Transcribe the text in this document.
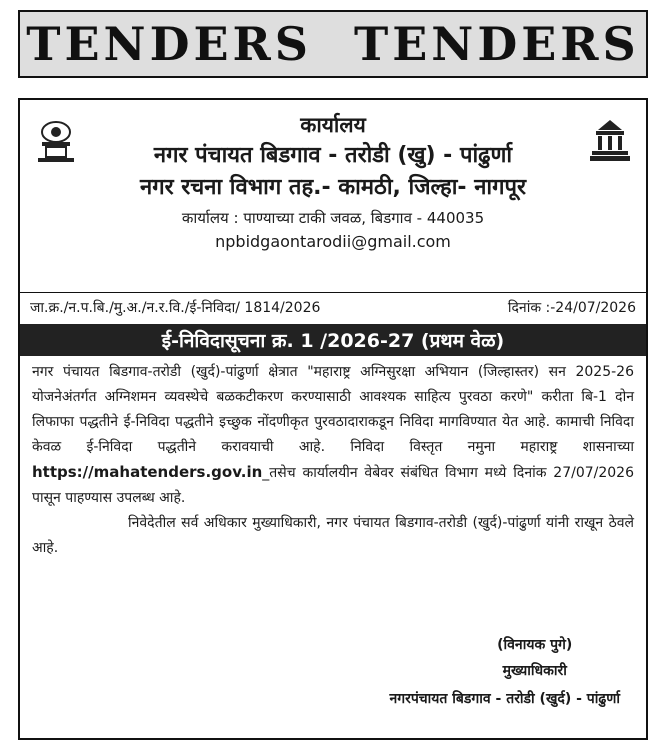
TENDERS TENDERS
कार्यालय
नगर पंचायत बिडगाव - तरोडी (खु) - पांढुर्णा
नगर रचना विभाग तह.- कामठी, जिल्हा- नागपूर
कार्यालय : पाण्याच्या टाकी जवळ, बिडगाव - 440035
npbidgaontarodii@gmail.com
जा.क्र./न.प.बि./मु.अ./न.र.वि./ई-निविदा/ 1814/2026	दिनांक :-24/07/2026
ई-निविदासूचना क्र. 1 /2026-27 (प्रथम वेळ)

नगर पंचायत बिडगाव-तरोडी (खुर्द)-पांढुर्णा क्षेत्रात "महाराष्ट्र अग्निसुरक्षा अभियान (जिल्हास्तर) सन 2025-26 योजनेअंतर्गत अग्निशमन व्यवस्थेचे बळकटीकरण करण्यासाठी आवश्यक साहित्य पुरवठा करणे" करीता बि-1 दोन लिफाफा पद्धतीने ई-निविदा पद्धतीने इच्छुक नोंदणीकृत पुरवठादाराकडून निविदा मागविण्यात येत आहे. कामाची निविदा केवळ ई-निविदा पद्धतीने करावयाची आहे. निविदा विस्तृत नमुना महाराष्ट्र शासनाच्या https://mahatenders.gov.in_तसेच कार्यालयीन वेबेवर संबंधित विभाग मध्ये दिनांक 27/07/2026 पासून पाहण्यास उपलब्ध आहे.

निवेदेतील सर्व अधिकार मुख्याधिकारी, नगर पंचायत बिडगाव-तरोडी (खुर्द)-पांढुर्णा यांनी राखून ठेवले आहे.

(विनायक पुगे)
मुख्याधिकारी
नगरपंचायत बिडगाव - तरोडी (खुर्द) - पांढुर्णा
